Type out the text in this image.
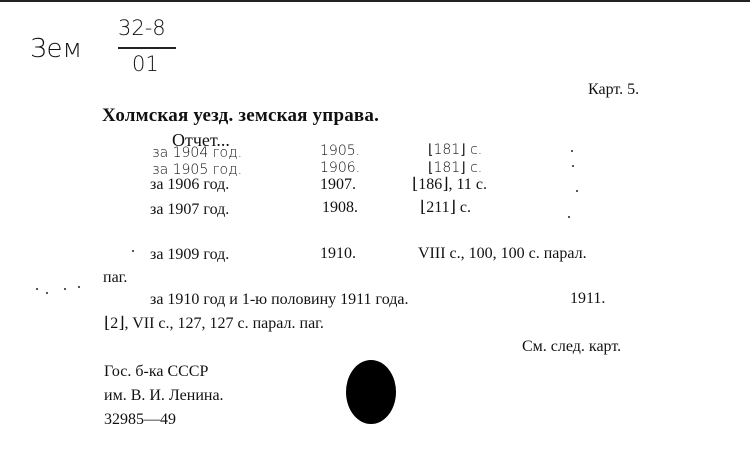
Зем
32-8
01
Карт. 5.
Холмская уезд. земская управа.
Отчет...
за 1904 год.	1905.	⌊181⌋ с.
за 1905 год.	1906.	⌊181⌋ с.
за 1906 год.	1907.	⌊186⌋, 11 с.
за 1907 год.	1908.	⌊211⌋ с.
за 1909 год.	1910.	VIII с., 100, 100 с. парал.
паг.
за 1910 год и 1-ю половину 1911 года.	1911.
⌊2⌋, VII с., 127, 127 с. парал. паг.
См. след. карт.
Гос. б-ка СССР
им. В. И. Ленина.
32985—49
